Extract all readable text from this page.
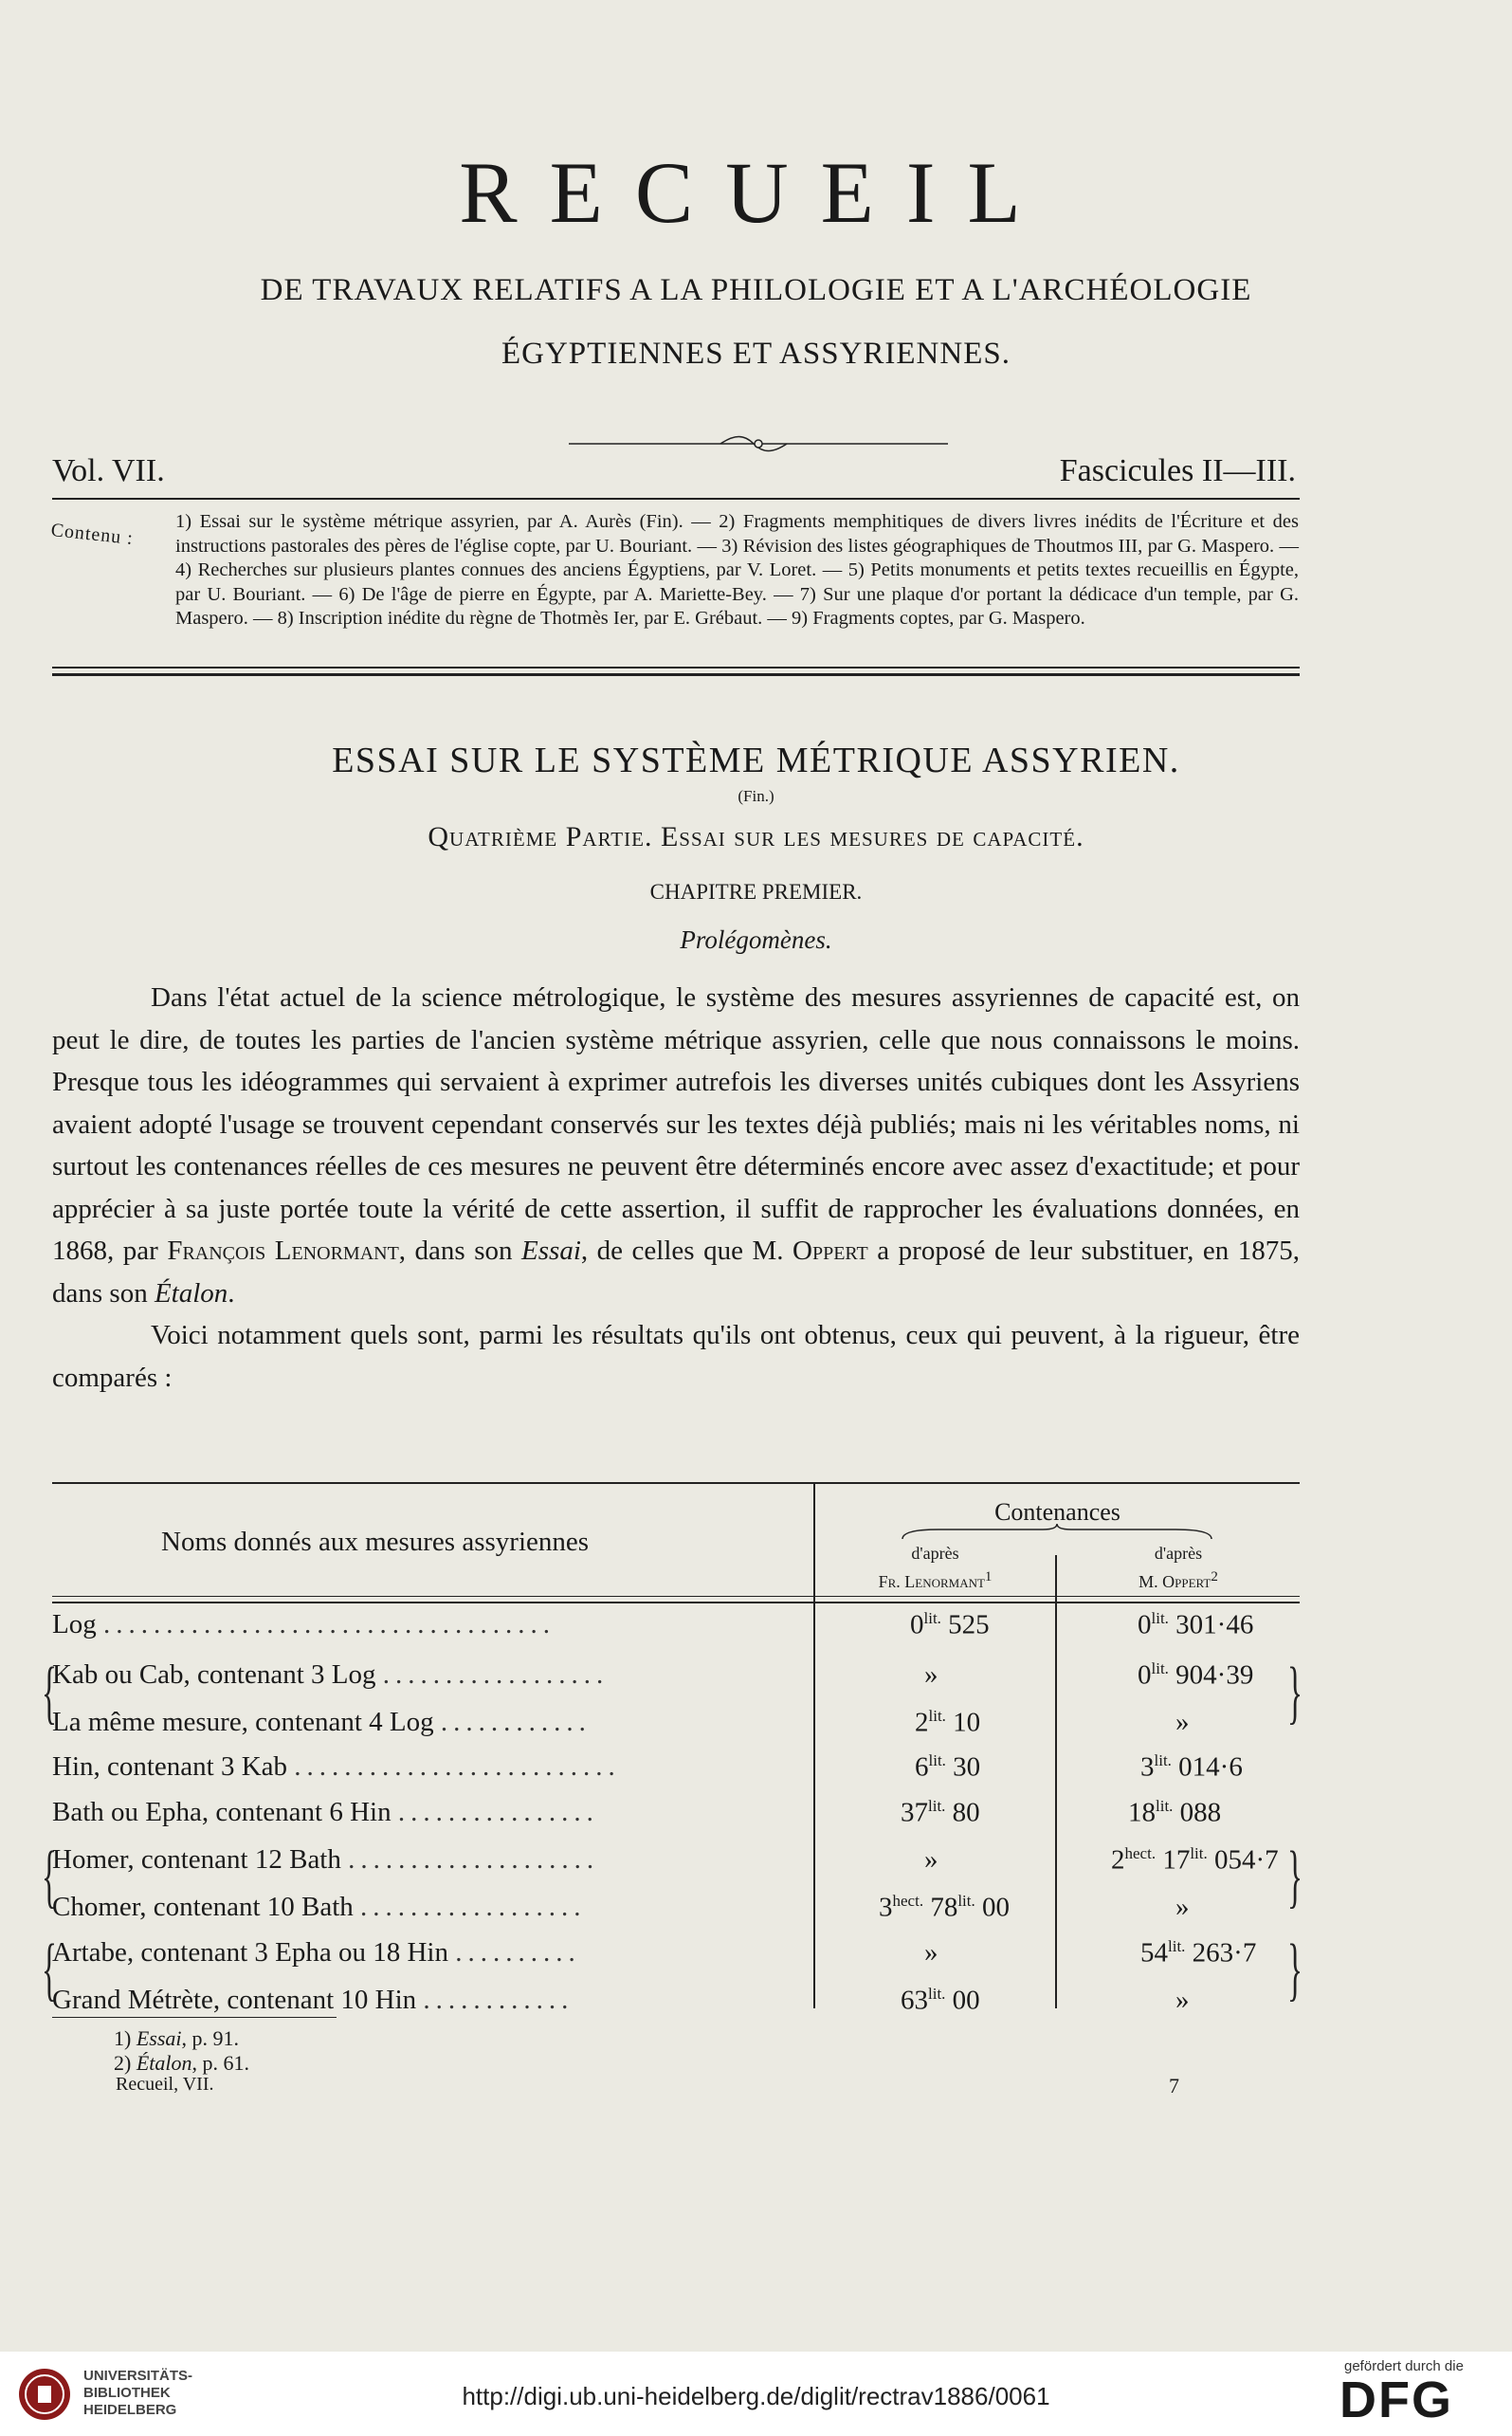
RECUEIL
DE TRAVAUX RELATIFS A LA PHILOLOGIE ET A L'ARCHÉOLOGIE
ÉGYPTIENNES ET ASSYRIENNES.
Vol. VII.	Fascicules II—III.
Contenu : 1) Essai sur le système métrique assyrien, par A. Aurès (Fin). — 2) Fragments memphitiques de divers livres inédits de l'Écriture et des instructions pastorales des pères de l'église copte, par U. Bouriant. — 3) Révision des listes géographiques de Thoutmos III, par G. Maspero. — 4) Recherches sur plusieurs plantes connues des anciens Égyptiens, par V. Loret. — 5) Petits monuments et petits textes recueillis en Égypte, par U. Bouriant. — 6) De l'âge de pierre en Égypte, par A. Mariette-Bey. — 7) Sur une plaque d'or portant la dédicace d'un temple, par G. Maspero. — 8) Inscription inédite du règne de Thotmès Ier, par E. Grébaut. — 9) Fragments coptes, par G. Maspero.
ESSAI SUR LE SYSTÈME MÉTRIQUE ASSYRIEN.
(Fin.)
Quatrième Partie. Essai sur les mesures de capacité.
CHAPITRE PREMIER.
Prolégomènes.

Dans l'état actuel de la science métrologique, le système des mesures assyriennes de capacité est, on peut le dire, de toutes les parties de l'ancien système métrique assyrien, celle que nous connaissons le moins. Presque tous les idéogrammes qui servaient à exprimer autrefois les diverses unités cubiques dont les Assyriens avaient adopté l'usage se trouvent cependant conservés sur les textes déjà publiés; mais ni les véritables noms, ni surtout les contenances réelles de ces mesures ne peuvent être déterminés encore avec assez d'exactitude; et pour apprécier à sa juste portée toute la vérité de cette assertion, il suffit de rapprocher les évaluations données, en 1868, par François Lenormant, dans son Essai, de celles que M. Oppert a proposé de leur substituer, en 1875, dans son Étalon.

Voici notamment quels sont, parmi les résultats qu'ils ont obtenus, ceux qui peuvent, à la rigueur, être comparés :

Noms donnés aux mesures assyriennes
Contenances
d'après	d'après
Fr. Lenormant$^1$	M. Oppert$^2$
Log ....................................	$0^{lit.}$ 525	$0^{lit.}$ 301·46
Kab ou Cab, contenant 3 Log ..................	»	$0^{lit.}$ 904·39
La même mesure, contenant 4 Log ............	$2^{lit.}$ 10	»
Hin, contenant 3 Kab ..........................	$6^{lit.}$ 30	$3^{lit.}$ 014·6
Bath ou Epha, contenant 6 Hin ................	$37^{lit.}$ 80	$18^{lit.}$ 088
Homer, contenant 12 Bath ....................	»	$2^{hect.}$ $17^{lit.}$ 054·7
Chomer, contenant 10 Bath ..................	$3^{hect.}$ $78^{lit.}$ 00	»
Artabe, contenant 3 Epha ou 18 Hin ..........	»	$54^{lit.}$ 263·7
Grand Métrète, contenant 10 Hin ............	$63^{lit.}$ 00	»
{	}
{	}
{	}
1) Essai, p. 91.
2) Étalon, p. 61.
Recueil, VII.	7
UNIVERSITÄTS-
BIBLIOTHEK
HEIDELBERG	http://digi.ub.uni-heidelberg.de/diglit/rectrav1886/0061
gefördert durch die
DFG
